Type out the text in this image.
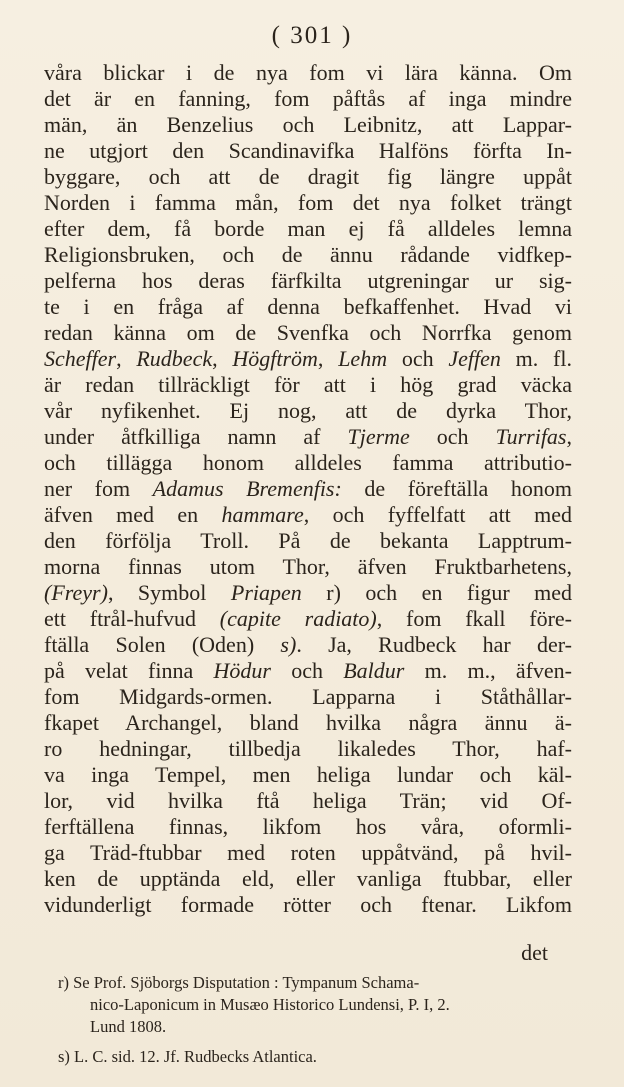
( 301 )
våra blickar i de nya fom vi lära känna. Om
det är en fanning, fom påftås af inga mindre
män, än Benzelius och Leibnitz, att Lappar-
ne utgjort den Scandinavifka Halföns förfta In-
byggare, och att de dragit fig längre uppåt
Norden i famma mån, fom det nya folket trängt
efter dem, få borde man ej få alldeles lemna
Religionsbruken, och de ännu rådande vidfkep-
pelferna hos deras färfkilta utgreningar ur sig-
te i en fråga af denna befkaffenhet. Hvad vi
redan känna om de Svenfka och Norrfka genom
Scheffer, Rudbeck, Högftröm, Lehm och Jeffen m. fl.
är redan tillräckligt för att i hög grad väcka
vår nyfikenhet. Ej nog, att de dyrka Thor,
under åtfkilliga namn af Tjerme och Turrifas,
och tillägga honom alldeles famma attributio-
ner fom Adamus Bremenfis: de föreftälla honom
äfven med en hammare, och fyffelfatt att med
den förfölja Troll. På de bekanta Lapptrum-
morna finnas utom Thor, äfven Fruktbarhetens,
(Freyr), Symbol Priapen r) och en figur med
ett ftrål-hufvud (capite radiato), fom fkall före-
ftälla Solen (Oden) s). Ja, Rudbeck har der-
på velat finna Hödur och Baldur m. m., äfven-
fom Midgards-ormen. Lapparna i Ståthållar-
fkapet Archangel, bland hvilka några ännu ä-
ro hedningar, tillbedja likaledes Thor, haf-
va inga Tempel, men heliga lundar och käl-
lor, vid hvilka ftå heliga Trän; vid Of-
ferftällena finnas, likfom hos våra, oformli-
ga Träd-ftubbar med roten uppåtvänd, på hvil-
ken de upptända eld, eller vanliga ftubbar, eller
vidunderligt formade rötter och ftenar. Likfom
det
r) Se Prof. Sjöborgs Disputation : Tympanum Schama-
nico-Laponicum in Musæo Historico Lundensi, P. I, 2.
Lund 1808.
s) L. C. sid. 12. Jf. Rudbecks Atlantica.
